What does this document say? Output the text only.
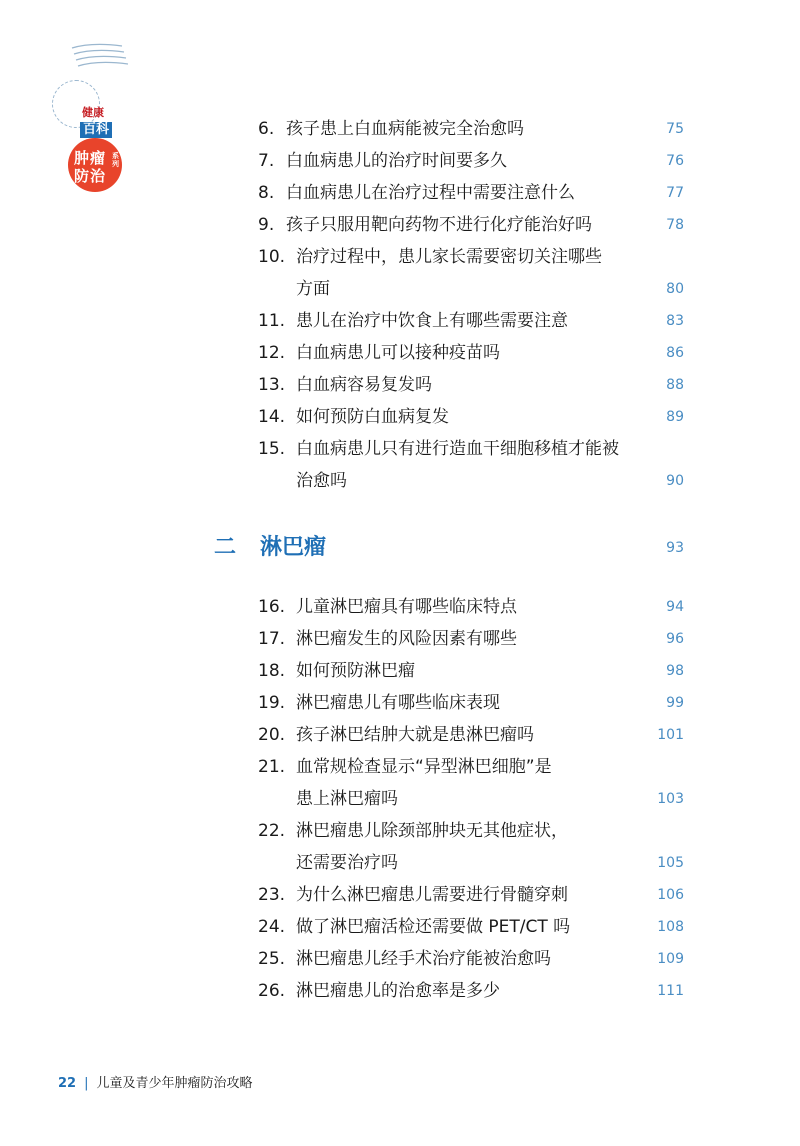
健康
百科
肿瘤
防治
系列
6. 孩子患上白血病能被完全治愈吗	75
7. 白血病患儿的治疗时间要多久	76
8. 白血病患儿在治疗过程中需要注意什么	77
9. 孩子只服用靶向药物不进行化疗能治好吗	78
10. 治疗过程中，患儿家长需要密切关注哪些
方面	80
11. 患儿在治疗中饮食上有哪些需要注意	83
12. 白血病患儿可以接种疫苗吗	86
13. 白血病容易复发吗	88
14. 如何预防白血病复发	89
15. 白血病患儿只有进行造血干细胞移植才能被
治愈吗	90
二 淋巴瘤	93
16. 儿童淋巴瘤具有哪些临床特点	94
17. 淋巴瘤发生的风险因素有哪些	96
18. 如何预防淋巴瘤	98
19. 淋巴瘤患儿有哪些临床表现	99
20. 孩子淋巴结肿大就是患淋巴瘤吗	101
21. 血常规检查显示“异型淋巴细胞”是
患上淋巴瘤吗	103
22. 淋巴瘤患儿除颈部肿块无其他症状，
还需要治疗吗	105
23. 为什么淋巴瘤患儿需要进行骨髓穿刺	106
24. 做了淋巴瘤活检还需要做 PET/CT 吗	108
25. 淋巴瘤患儿经手术治疗能被治愈吗	109
26. 淋巴瘤患儿的治愈率是多少	111
22 | 儿童及青少年肿瘤防治攻略
